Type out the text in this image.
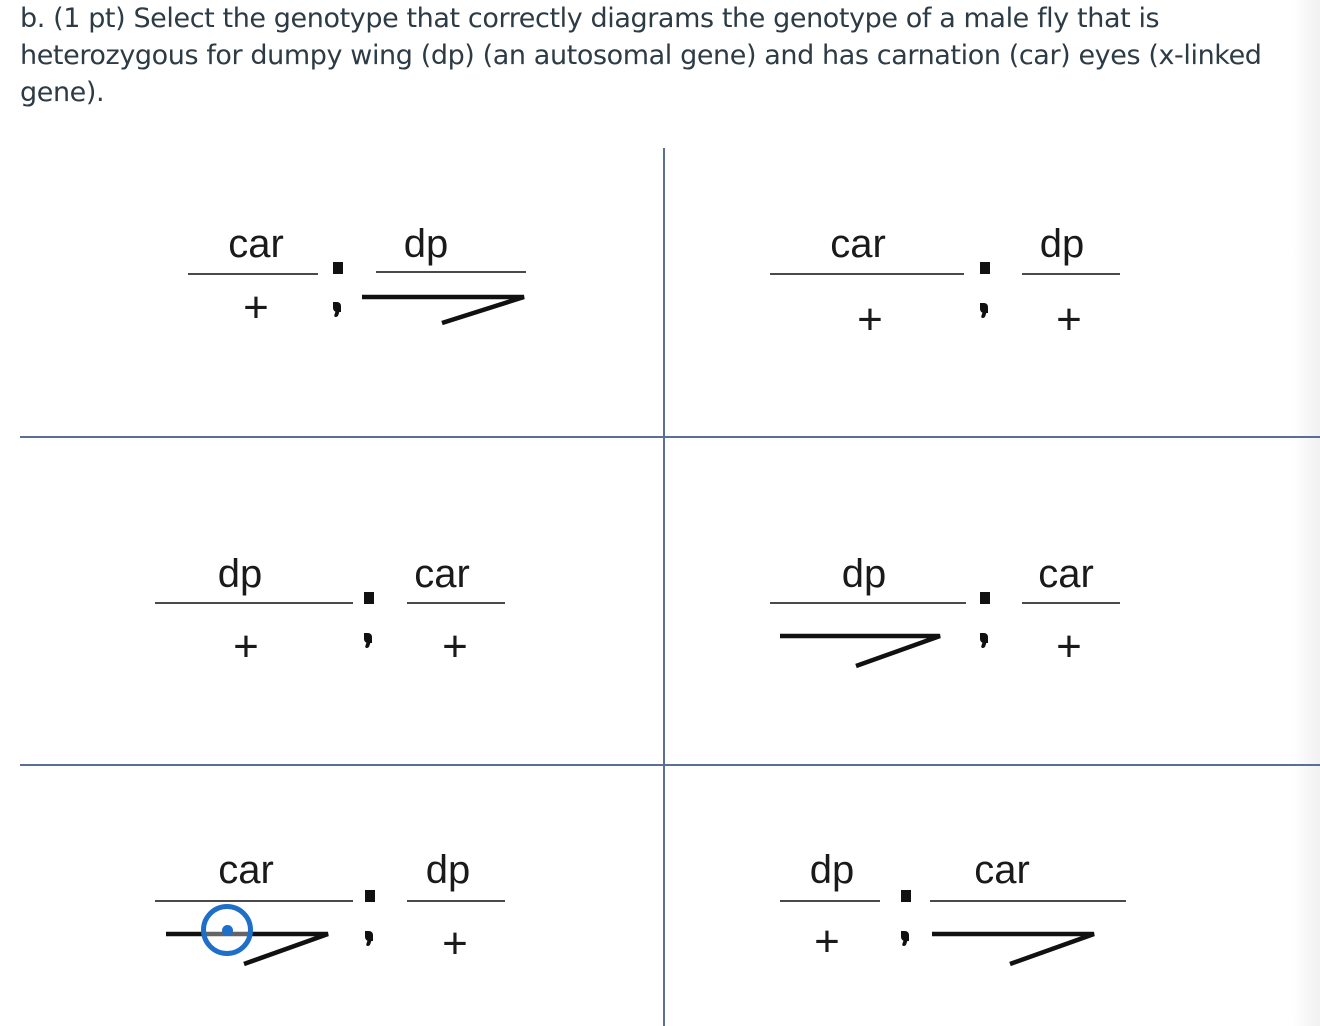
b. (1 pt) Select the genotype that correctly diagrams the genotype of a male fly that is heterozygous for dumpy wing (dp) (an autosomal gene) and has carnation (car) eyes (x-linked gene).
car
+
dp	car
+
dp
+
dp
+
car
+
dp	car
+
car	dp
+
dp
+
car
